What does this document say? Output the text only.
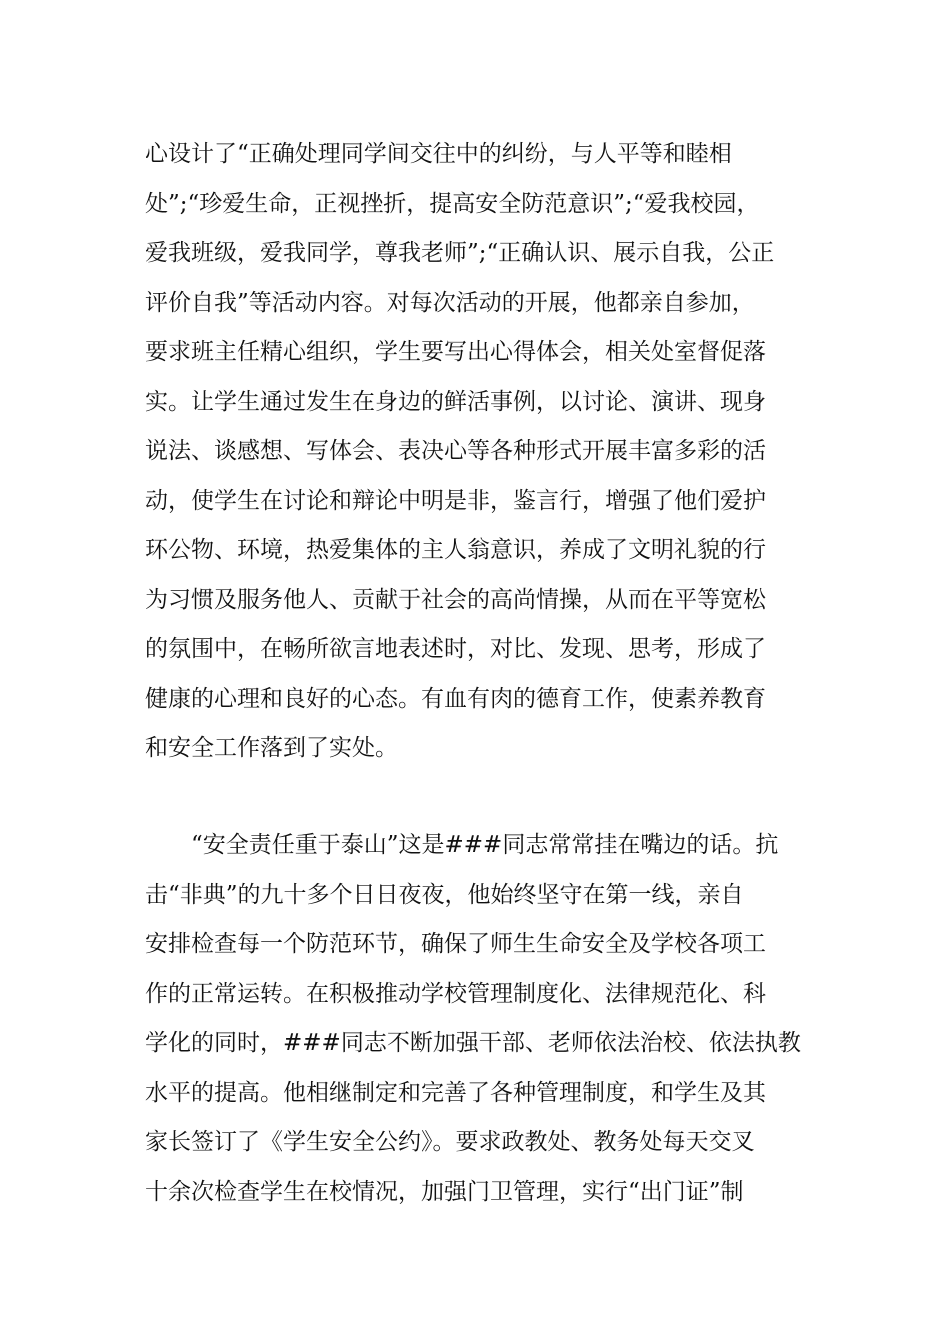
心设计了“正确处理同学间交往中的纠纷，与人平等和睦相
处”;“珍爱生命，正视挫折，提高安全防范意识”;“爱我校园，
爱我班级，爱我同学，尊我老师”;“正确认识、展示自我，公正
评价自我”等活动内容。对每次活动的开展，他都亲自参加，
要求班主任精心组织，学生要写出心得体会，相关处室督促落
实。让学生通过发生在身边的鲜活事例，以讨论、演讲、现身
说法、谈感想、写体会、表决心等各种形式开展丰富多彩的活
动，使学生在讨论和辩论中明是非，鉴言行，增强了他们爱护
环公物、环境，热爱集体的主人翁意识，养成了文明礼貌的行
为习惯及服务他人、贡献于社会的高尚情操，从而在平等宽松
的氛围中，在畅所欲言地表述时，对比、发现、思考，形成了
健康的心理和良好的心态。有血有肉的德育工作，使素养教育
和安全工作落到了实处。
　　“安全责任重于泰山”这是###同志常常挂在嘴边的话。抗
击“非典”的九十多个日日夜夜，他始终坚守在第一线，亲自
安排检查每一个防范环节，确保了师生生命安全及学校各项工
作的正常运转。在积极推动学校管理制度化、法律规范化、科
学化的同时，###同志不断加强干部、老师依法治校、依法执教
水平的提高。他相继制定和完善了各种管理制度，和学生及其
家长签订了《学生安全公约》。要求政教处、教务处每天交叉
十余次检查学生在校情况，加强门卫管理，实行“出门证”制
